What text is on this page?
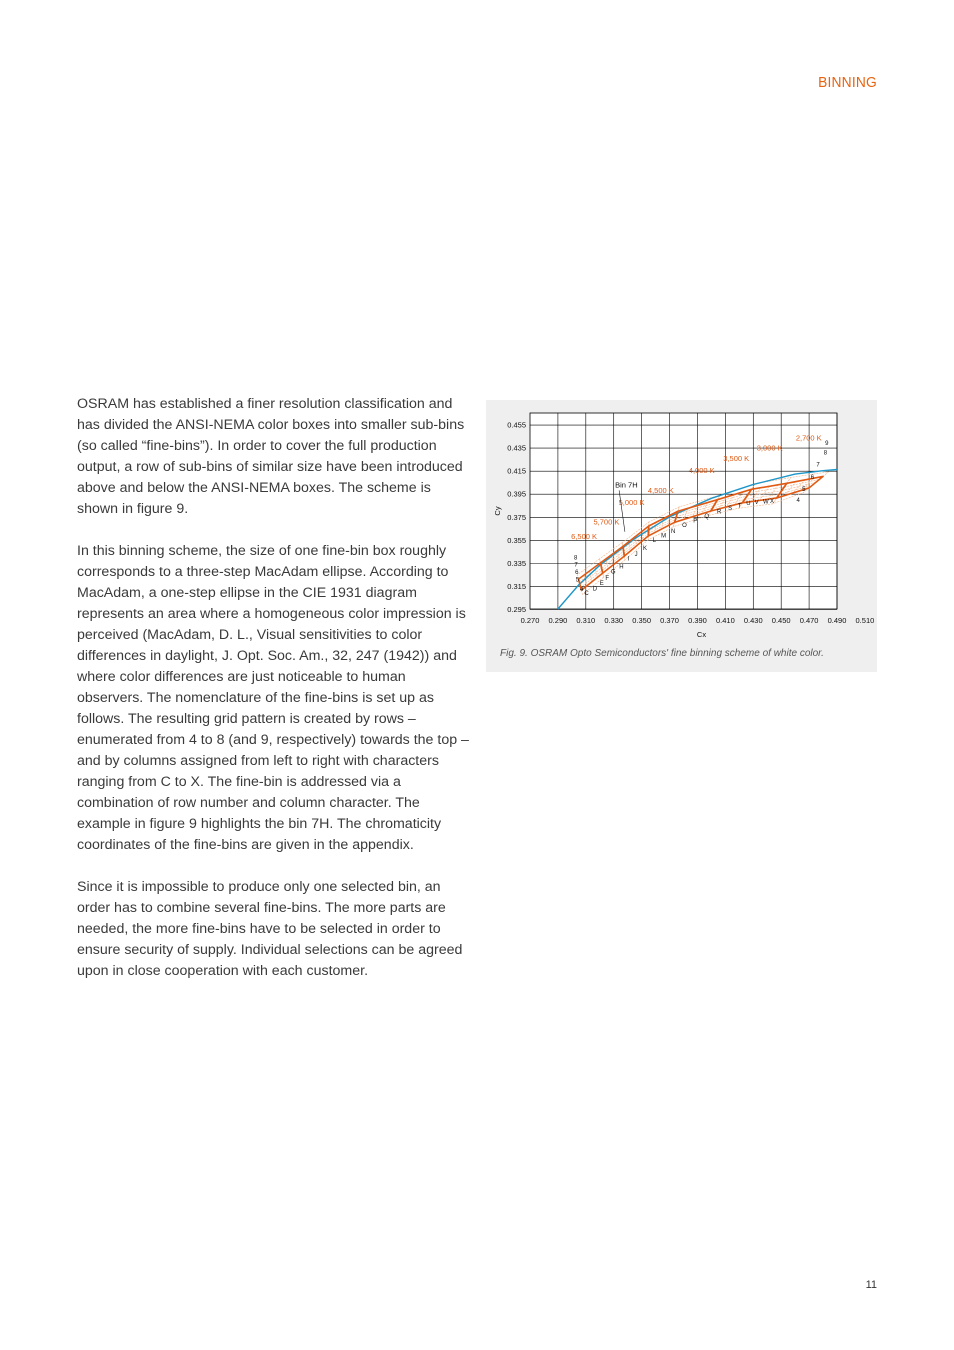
BINNING

OSRAM has established a finer resolution classification and has divided the ANSI-NEMA color boxes into smaller sub-bins (so called “fine-bins”). In order to cover the full production output, a row of sub-bins of similar size have been introduced above and below the ANSI-NEMA boxes. The scheme is shown in figure 9.

In this binning scheme, the size of one fine-bin box roughly corresponds to a three-step MacAdam ellipse. According to MacAdam, a one-step ellipse in the CIE 1931 diagram represents an area where a homogeneous color impression is perceived (MacAdam, D. L., Visual sensitivities to color differences in daylight, J. Opt. Soc. Am., 32, 247 (1942)) and where color differences are just noticeable to human observers. The nomenclature of the fine-bins is set up as follows. The resulting grid pattern is created by rows – enumerated from 4 to 8 (and 9, respectively) towards the top – and by columns assigned from left to right with characters ranging from C to X. The fine-bin is addressed via a combination of row number and column character. The example in figure 9 highlights the bin 7H. The chromaticity coordinates of the fine-bins are given in the appendix.

Since it is impossible to produce only one selected bin, an order has to combine several fine-bins. The more parts are needed, the more fine-bins have to be selected in order to ensure security of supply. Individual selections can be agreed upon in close cooperation with each customer.

0.270 0.290 0.310 0.330 0.350 0.370 0.390 0.410 0.430 0.450 0.470 0.490 0.510
0.455
0.435
0.415
0.395
0.375
0.355
0.335
0.315
0.295
Cx
Cy
6,500 K
5,700 K
5,000 K
4,500 K
4,000 K
3,500 K
3,000 K
2,700 K
8
7
6
5
4
9
8
7
6
5
4
C
D
E
F
G
H
I
J
K
L
M
N
O
P
Q
R
S T U V W X
Bin 7H
Fig. 9. OSRAM Opto Semiconductors' fine binning scheme of white color.
11
